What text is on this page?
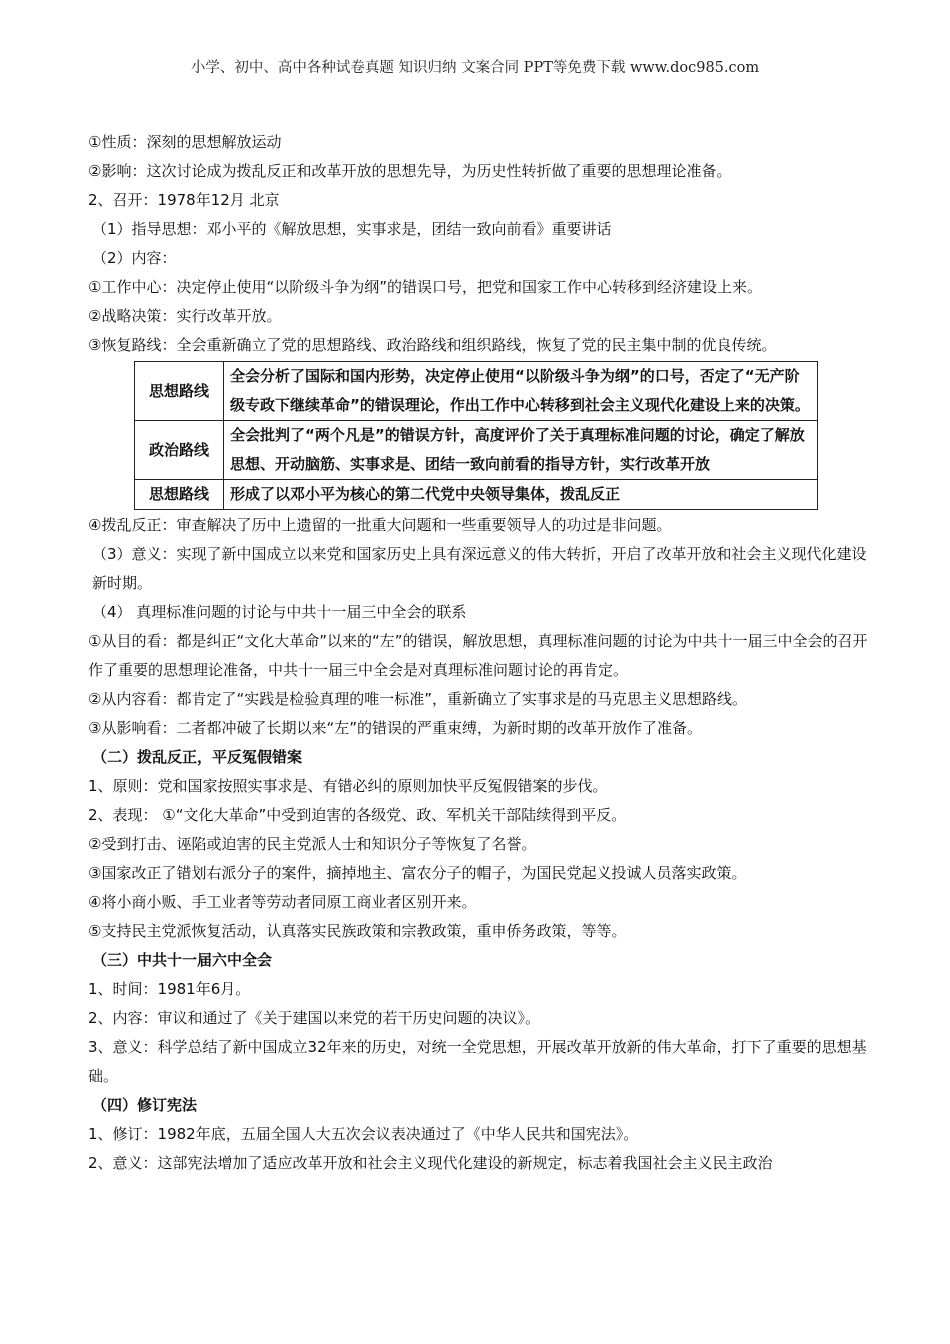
小学、初中、高中各种试卷真题 知识归纳 文案合同 PPT等免费下载 www.doc985.com
①性质：深刻的思想解放运动
②影响：这次讨论成为拨乱反正和改革开放的思想先导，为历史性转折做了重要的思想理论准备。
2、召开：1978年12月 北京
（1）指导思想：邓小平的《解放思想，实事求是，团结一致向前看》重要讲话
（2）内容：
①工作中心：决定停止使用“以阶级斗争为纲”的错误口号，把党和国家工作中心转移到经济建设上来。
②战略决策：实行改革开放。
③恢复路线：全会重新确立了党的思想路线、政治路线和组织路线，恢复了党的民主集中制的优良传统。
思想路线	全会分析了国际和国内形势，决定停止使用“以阶级斗争为纲”的口号，否定了“无产阶级专政下继续革命”的错误理论，作出工作中心转移到社会主义现代化建设上来的决策。
政治路线	全会批判了“两个凡是”的错误方针，高度评价了关于真理标准问题的讨论，确定了解放思想、开动脑筋、实事求是、团结一致向前看的指导方针，实行改革开放
思想路线	形成了以邓小平为核心的第二代党中央领导集体，拨乱反正
④拨乱反正：审查解决了历中上遗留的一批重大问题和一些重要领导人的功过是非问题。
（3）意义：实现了新中国成立以来党和国家历史上具有深远意义的伟大转折，开启了改革开放和社会主义现代化建设新时期。
（4） 真理标准问题的讨论与中共十一届三中全会的联系
①从目的看：都是纠正“文化大革命”以来的“左”的错误，解放思想，真理标准问题的讨论为中共十一届三中全会的召开作了重要的思想理论准备，中共十一届三中全会是对真理标准问题讨论的再肯定。
②从内容看：都肯定了“实践是检验真理的唯一标准”，重新确立了实事求是的马克思主义思想路线。
③从影响看：二者都冲破了长期以来“左”的错误的严重束缚，为新时期的改革开放作了准备。
（二）拨乱反正，平反冤假错案
1、原则：党和国家按照实事求是、有错必纠的原则加快平反冤假错案的步伐。
2、表现： ①“文化大革命”中受到迫害的各级党、政、军机关干部陆续得到平反。
②受到打击、诬陷或迫害的民主党派人士和知识分子等恢复了名誉。
③国家改正了错划右派分子的案件，摘掉地主、富农分子的帽子，为国民党起义投诚人员落实政策。
④将小商小贩、手工业者等劳动者同原工商业者区别开来。
⑤支持民主党派恢复活动，认真落实民族政策和宗教政策，重申侨务政策，等等。
（三）中共十一届六中全会
1、时间：1981年6月。
2、内容：审议和通过了《关于建国以来党的若干历史问题的决议》。
3、意义：科学总结了新中国成立32年来的历史，对统一全党思想，开展改革开放新的伟大革命，打下了重要的思想基础。
（四）修订宪法
1、修订：1982年底，五届全国人大五次会议表决通过了《中华人民共和国宪法》。
2、意义：这部宪法增加了适应改革开放和社会主义现代化建设的新规定，标志着我国社会主义民主政治
